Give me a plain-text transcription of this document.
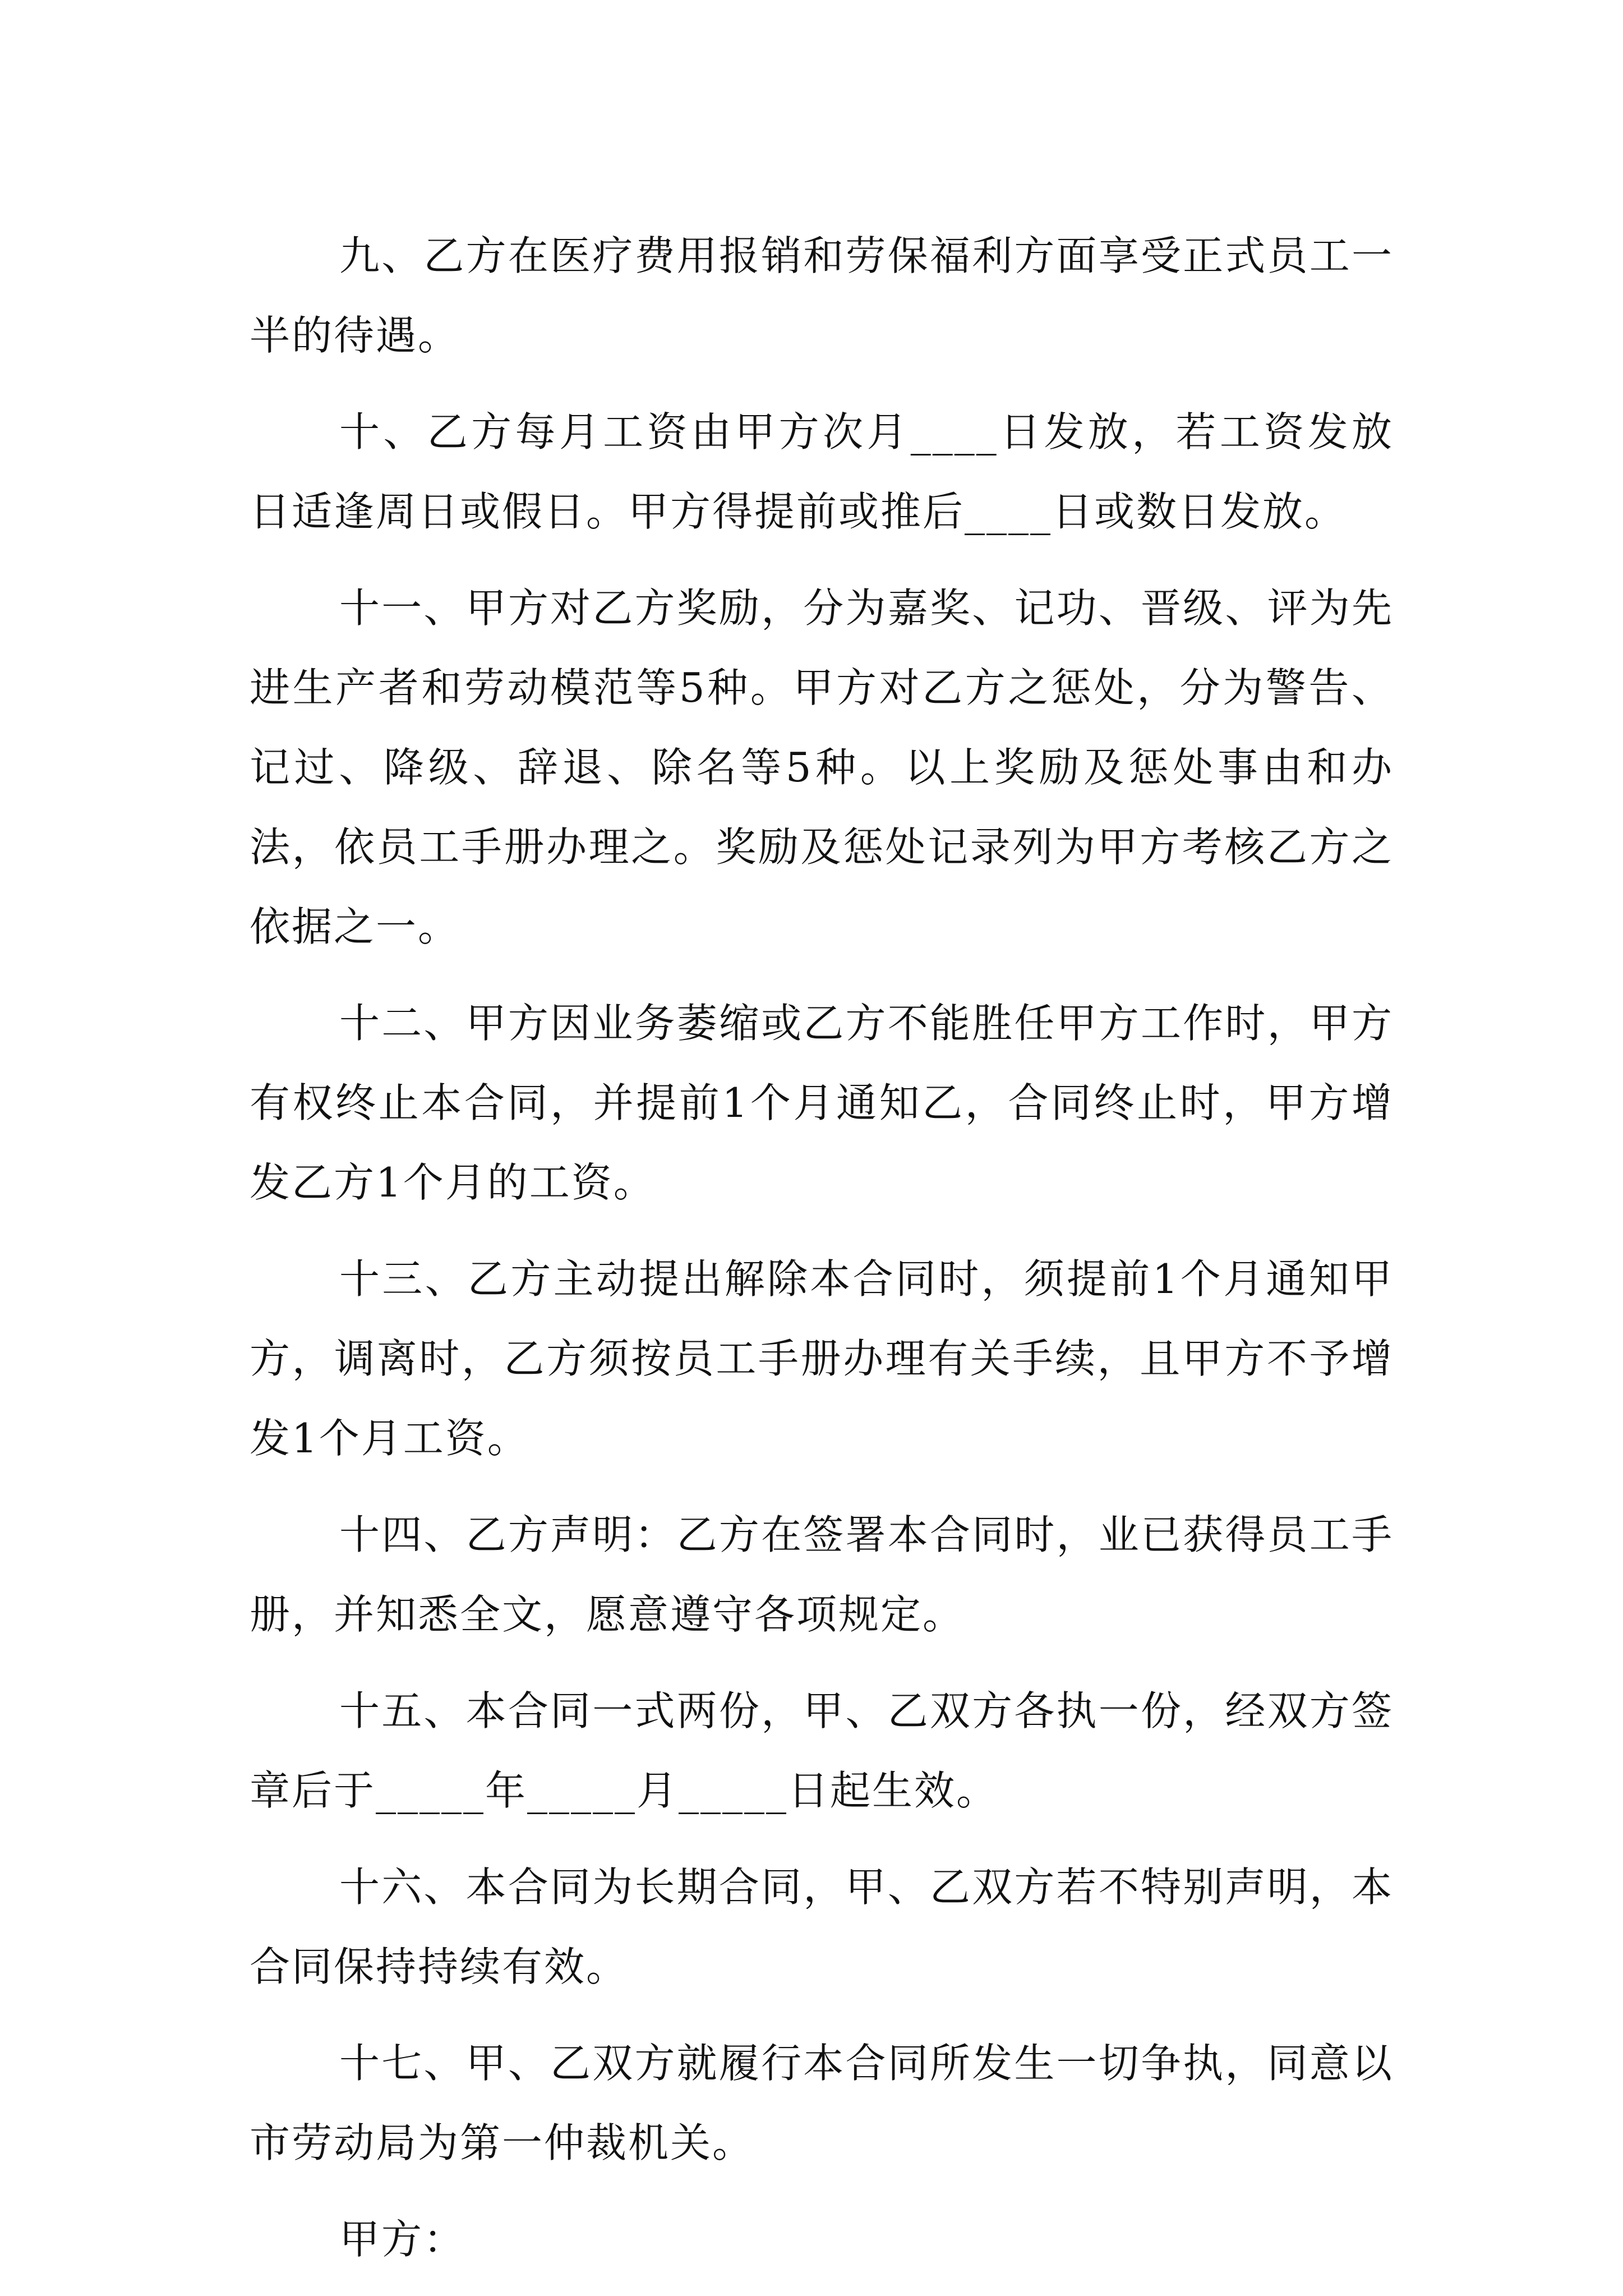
九、乙方在医疗费用报销和劳保福利方面享受正式员工一半的待遇。

十、乙方每月工资由甲方次月____日发放，若工资发放日适逢周日或假日。甲方得提前或推后____日或数日发放。

十一、甲方对乙方奖励，分为嘉奖、记功、晋级、评为先进生产者和劳动模范等5种。甲方对乙方之惩处，分为警告、记过、降级、辞退、除名等5种。以上奖励及惩处事由和办法，依员工手册办理之。奖励及惩处记录列为甲方考核乙方之依据之一。

十二、甲方因业务萎缩或乙方不能胜任甲方工作时，甲方有权终止本合同，并提前1个月通知乙，合同终止时，甲方增发乙方1个月的工资。

十三、乙方主动提出解除本合同时，须提前1个月通知甲方，调离时，乙方须按员工手册办理有关手续，且甲方不予增发1个月工资。

十四、乙方声明：乙方在签署本合同时，业已获得员工手册，并知悉全文，愿意遵守各项规定。

十五、本合同一式两份，甲、乙双方各执一份，经双方签章后于_____年_____月_____日起生效。

十六、本合同为长期合同，甲、乙双方若不特别声明，本合同保持持续有效。

十七、甲、乙双方就履行本合同所发生一切争执，同意以市劳动局为第一仲裁机关。

甲方：
